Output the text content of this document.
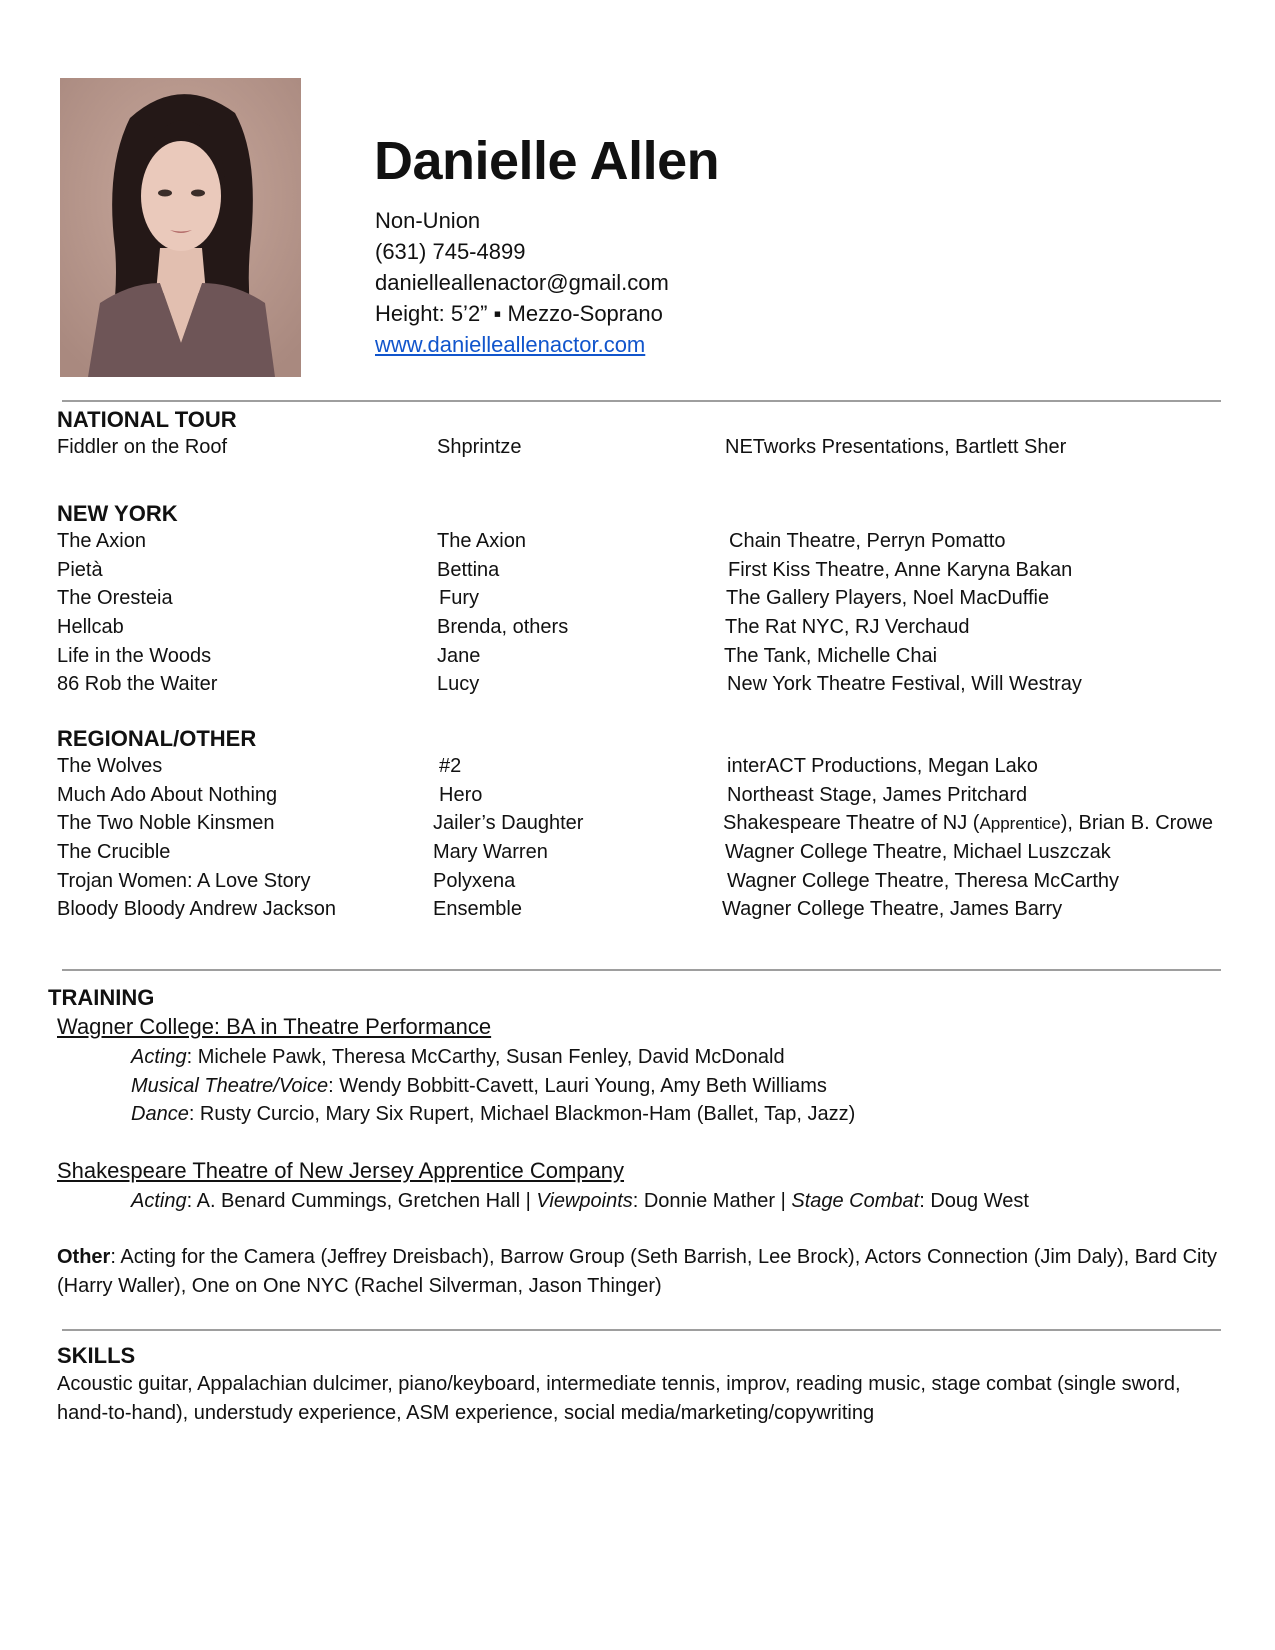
Danielle Allen
Non-Union
(631) 745-4899
danielleallenactor@gmail.com
Height: 5’2” ▪ Mezzo-Soprano
www.danielleallenactor.com
NATIONAL TOUR
Fiddler on the Roof	Shprintze	NETworks Presentations, Bartlett Sher
NEW YORK
The Axion	The Axion	Chain Theatre, Perryn Pomatto
Pietà	Bettina	First Kiss Theatre, Anne Karyna Bakan
The Oresteia	Fury	The Gallery Players, Noel MacDuffie
Hellcab	Brenda, others	The Rat NYC, RJ Verchaud
Life in the Woods	Jane	The Tank, Michelle Chai
86 Rob the Waiter	Lucy	New York Theatre Festival, Will Westray
REGIONAL/OTHER
The Wolves	#2	interACT Productions, Megan Lako
Much Ado About Nothing	Hero	Northeast Stage, James Pritchard
The Two Noble Kinsmen	Jailer’s Daughter	Shakespeare Theatre of NJ (Apprentice), Brian B. Crowe
The Crucible	Mary Warren	Wagner College Theatre, Michael Luszczak
Trojan Women: A Love Story	Polyxena	Wagner College Theatre, Theresa McCarthy
Bloody Bloody Andrew Jackson	Ensemble	Wagner College Theatre, James Barry
TRAINING
Wagner College: BA in Theatre Performance
Acting: Michele Pawk, Theresa McCarthy, Susan Fenley, David McDonald
Musical Theatre/Voice: Wendy Bobbitt-Cavett, Lauri Young, Amy Beth Williams
Dance: Rusty Curcio, Mary Six Rupert, Michael Blackmon-Ham (Ballet, Tap, Jazz)
Shakespeare Theatre of New Jersey Apprentice Company
Acting: A. Benard Cummings, Gretchen Hall | Viewpoints: Donnie Mather | Stage Combat: Doug West
Other: Acting for the Camera (Jeffrey Dreisbach), Barrow Group (Seth Barrish, Lee Brock), Actors Connection (Jim Daly), Bard City (Harry Waller), One on One NYC (Rachel Silverman, Jason Thinger)
SKILLS
Acoustic guitar, Appalachian dulcimer, piano/keyboard, intermediate tennis, improv, reading music, stage combat (single sword, hand-to-hand), understudy experience, ASM experience, social media/marketing/copywriting
